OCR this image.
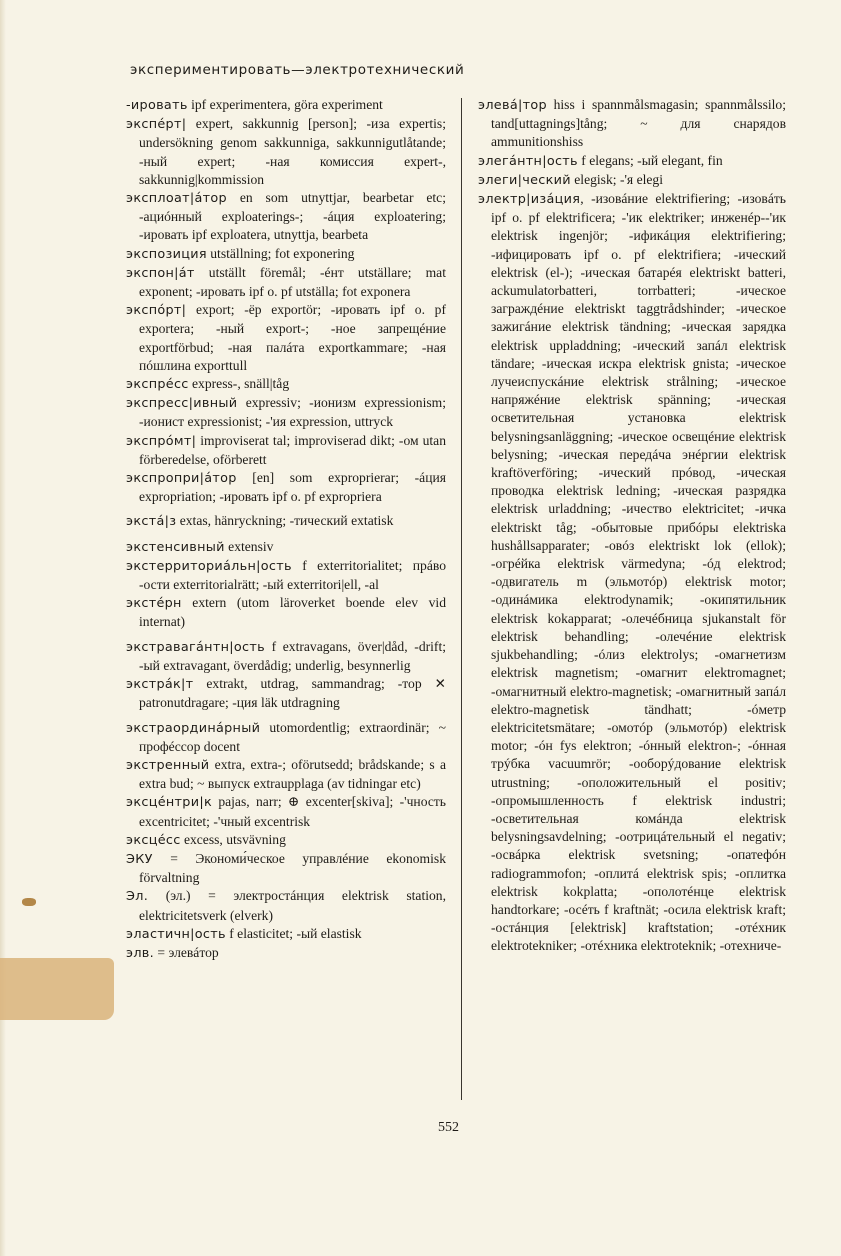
экспериментировать—электротехнический
-ировать ipf experimentera, göra experiment
экспéрт| expert, sakkunnig [person]; -иза expertis; undersökning genom sakkunniga, sakkunnigutlåtande; -ный expert; -ная комиссия expert-, sakkunnig|kommission
эксплоат|áтор en som utnyttjar, bearbetar etc; -ациóнный exploaterings-; -áция exploatering; -ировать ipf exploatera, utnyttja, bearbeta
экспозиция utställning; fot exponering
экспон|áт utställt föremål; -éнт utställare; mat exponent; -ировать ipf o. pf utställa; fot exponera
экспóрт| export; -ёр exportör; -ировать ipf o. pf exportera; -ный export-; -ное запрещéние exportförbud; -ная палáта exportkammare; -ная пóшлина exporttull
экспрéсс express-, snäll|tåg
экспресс|ивный expressiv; -ионизм expressionism; -ионист expressionist; -'ия expression, uttryck
экспрóмт| improviserat tal; improviserad dikt; -ом utan förberedelse, oförberett
экспропри|áтор [en] som exproprierar; -áция expropriation; -ировать ipf o. pf expropriera
экстá|з extas, hänryckning; -тический extatisk
экстенсивный extensiv
экстерриториáльн|ость f exterritorialitet; прáво -ости exterritorialrätt; -ый exterritori|ell, -al
экстéрн extern (utom läroverket boende elev vid internat)
экстравагáнтн|ость f extravagans, över|dåd, -drift; -ый extravagant, överdådig; underlig, besynnerlig
экстрáк|т extrakt, utdrag, sammandrag; -тор ✕ patronutdragare; -ция läk utdragning
экстраординáрный utomordentlig; extraordinär; ~ профéссор docent
экстренный extra, extra-; oförutsedd; brådskande; s a extra bud; ~ выпуск extraupplaga (av tidningar etc)
эксцéнтри|к pajas, narr; ⊕ excenter[skiva]; -'чность excentricitet; -'чный excentrisk
эксцéсс excess, utsvävning
ЭКУ = Экономи́ческое управлéние ekonomisk förvaltning
Эл. (эл.) = электростáнция elektrisk station, elektricitetsverk (elverk)
эластичн|ость f elasticitet; -ый elastisk
элв. = элевáтор
элевá|тор hiss i spannmålsmagasin; spannmålssilo; tand[uttagnings]tång; ~ для снарядов ammunitionshiss
элегáнтн|ость f elegans; -ый elegant, fin
элеги|ческий elegisk; -'я elegi
электр|изáция, -изовáние elektrifiering; -изовáть ipf o. pf elektrificera; -'ик elektriker; инженéр--'ик elektrisk ingenjör; -ификáция elektrifiering; -ифицировать ipf o. pf elektrifiera; -ический elektrisk (el-); -ическая батарéя elektriskt batteri, ackumulatorbatteri, torrbatteri; -ическое заграждéние elektriskt taggtrådshinder; -ическое зажигáние elektrisk tändning; -ическая зарядка elektrisk uppladdning; -ический запáл elektrisk tändare; -ическая искра elektrisk gnista; -ическое лучеиспускáние elektrisk strålning; -ическое напряжéние elektrisk spänning; -ическая осветительная установка elektrisk belysningsanläggning; -ическое освещéние elektrisk belysning; -ическая передáча энéргии elektrisk kraftöverföring; -ический прóвод, -ическая проводка elektrisk ledning; -ическая разрядка elektrisk urladdning; -ичество elektricitet; -ичка elektriskt tåg; -обытовые прибóры elektriska hushållsapparater; -овóз elektriskt lok (ellok); -огрéйка elektrisk värmedyna; -óд elektrod; -одвигатель m (эльмотóр) elektrisk motor; -одинáмика elektrodynamik; -окипятильник elektrisk kokapparat; -олечéбница sjukanstalt för elektrisk behandling; -олечéние elektrisk sjukbehandling; -óлиз elektrolys; -омагнетизм elektrisk magnetism; -омагнит elektromagnet; -омагнитный elektro-magnetisk; -омагнитный запáл elektro-magnetisk tändhatt; -óметр elektricitetsmätare; -омотóр (эльмотóр) elektrisk motor; -óн fys elektron; -óнный elektron-; -óнная трýбка vacuumrör; -ооборýдование elektrisk utrustning; -оположительный el positiv; -опромышленность f elektrisk industri; -осветительная комáнда elektrisk belysningsavdelning; -оотрицáтельный el negativ; -освáрка elektrisk svetsning; -опатефóн radiogrammofon; -оплитá elektrisk spis; -оплитка elektrisk kokplatta; -ополотéнце elektrisk handtorkare; -осéть f kraftnät; -осила elektrisk kraft; -остáнция [elektrisk] kraftstation; -отéхник elektrotekniker; -отéхника elektroteknik; -отехниче-
552
